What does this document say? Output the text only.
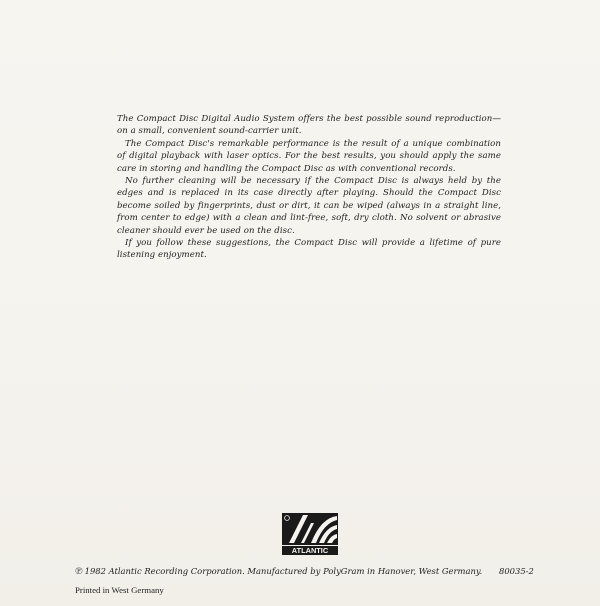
The Compact Disc Digital Audio System offers the best possible sound reproduction—on a small, convenient sound-carrier unit.

The Compact Disc's remarkable performance is the result of a unique combination of digital playback with laser optics. For the best results, you should apply the same care in storing and handling the Compact Disc as with conventional records.

No further cleaning will be necessary if the Compact Disc is always held by the edges and is replaced in its case directly after playing. Should the Compact Disc become soiled by fingerprints, dust or dirt, it can be wiped (always in a straight line, from center to edge) with a clean and lint-free, soft, dry cloth. No solvent or abrasive cleaner should ever be used on the disc.

If you follow these suggestions, the Compact Disc will provide a lifetime of pure listening enjoyment.

ATLANTIC
℗ 1982 Atlantic Recording Corporation. Manufactured by PolyGram in Hanover, West Germany.	80035-2
Printed in West Germany
